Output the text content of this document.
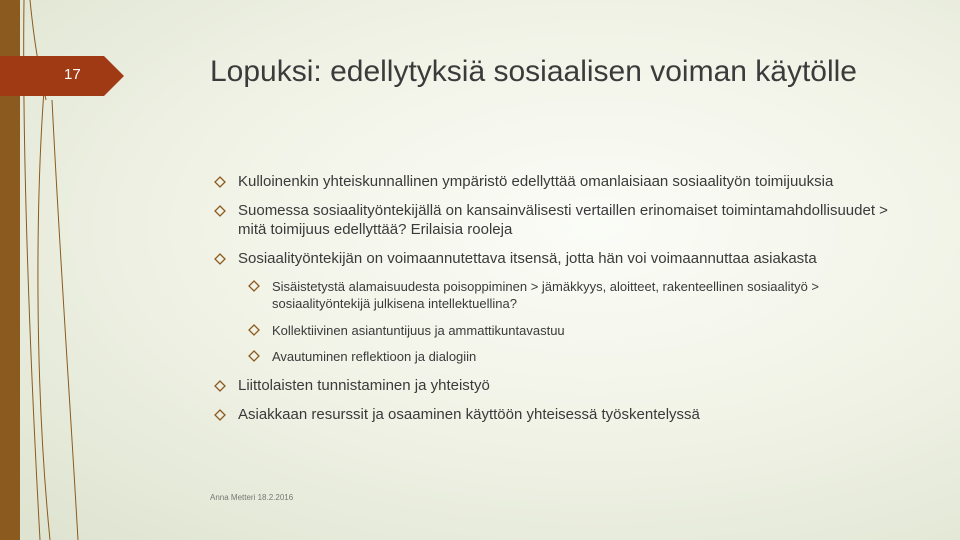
17	Lopuksi: edellytyksiä sosiaalisen voiman käytölle
Kulloinenkin yhteiskunnallinen ympäristö edellyttää omanlaisiaan sosiaalityön toimijuuksia
Suomessa sosiaalityöntekijällä on kansainvälisesti vertaillen erinomaiset toimintamahdollisuudet > mitä toimijuus edellyttää? Erilaisia rooleja
Sosiaalityöntekijän on voimaannutettava itsensä, jotta hän voi voimaannuttaa asiakasta
Sisäistetystä alamaisuudesta poisoppiminen > jämäkkyys, aloitteet, rakenteellinen sosiaalityö > sosiaalityöntekijä julkisena intellektuellina?
Kollektiivinen asiantuntijuus ja ammattikuntavastuu
Avautuminen reflektioon ja dialogiin
Liittolaisten tunnistaminen ja yhteistyö
Asiakkaan resurssit ja osaaminen käyttöön yhteisessä työskentelyssä
Anna Metteri 18.2.2016
